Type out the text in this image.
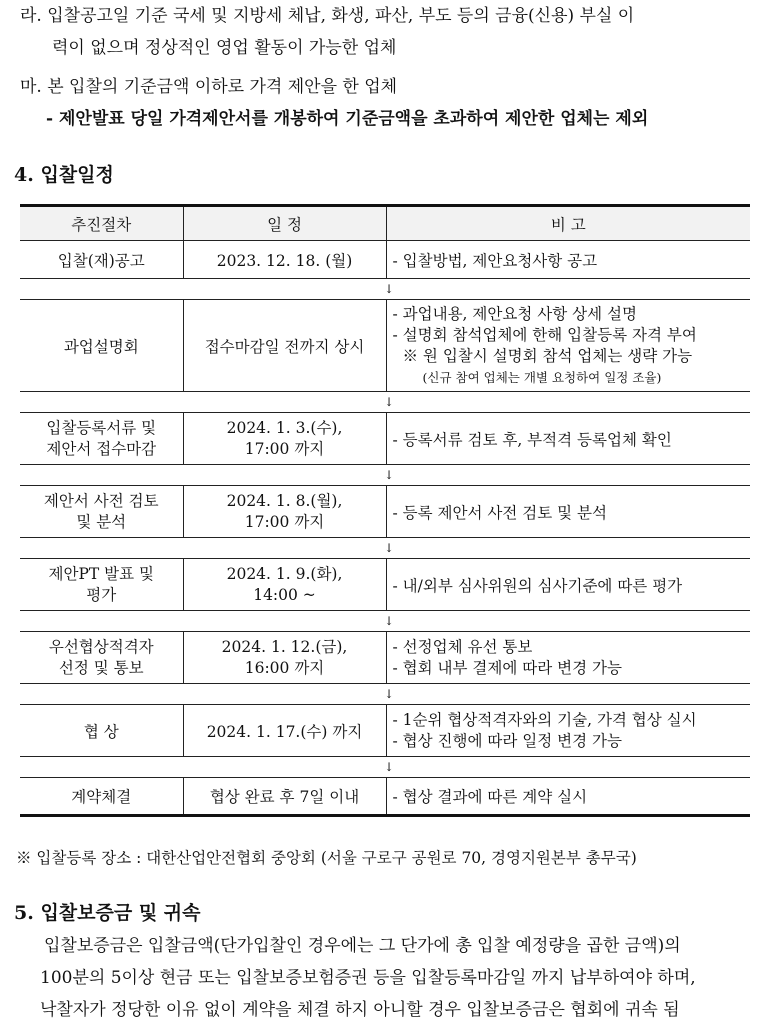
라. 입찰공고일 기준 국세 및 지방세 체납, 화생, 파산, 부도 등의 금융(신용) 부실 이
력이 없으며 정상적인 영업 활동이 가능한 업체
마. 본 입찰의 기준금액 이하로 가격 제안을 한 업체
- 제안발표 당일 가격제안서를 개봉하여 기준금액을 초과하여 제안한 업체는 제외
4. 입찰일정
추진절차	일 정	비 고
입찰(재)공고	2023. 12. 18. (월)	- 입찰방법, 제안요청사항 공고
		↓
과업설명회	접수마감일 전까지 상시	- 과업내용, 제안요청 사항 상세 설명
- 설명회 참석업체에 한해 입찰등록 자격 부여
※ 원 입찰시 설명회 참석 업체는 생략 가능
(신규 참여 업체는 개별 요청하여 일정 조율)

		↓

입찰등록서류 및
제안서 접수마감	2024. 1. 3.(수),
17:00 까지	- 등록서류 검토 후, 부적격 등록업체 확인
		↓

제안서 사전 검토
및 분석	2024. 1. 8.(월),
17:00 까지	- 등록 제안서 사전 검토 및 분석
		↓

제안PT 발표 및
평가	2024. 1. 9.(화),
14:00 ~	- 내/외부 심사위원의 심사기준에 따른 평가
		↓

우선협상적격자
선정 및 통보	2024. 1. 12.(금),
16:00 까지	- 선정업체 유선 통보
- 협회 내부 결제에 따라 변경 가능

		↓
협 상	2024. 1. 17.(수) 까지	- 1순위 협상적격자와의 기술, 가격 협상 실시
- 협상 진행에 따라 일정 변경 가능

		↓
계약체결	협상 완료 후 7일 이내	- 협상 결과에 따른 계약 실시
※ 입찰등록 장소 : 대한산업안전협회 중앙회 (서울 구로구 공원로 70, 경영지원본부 총무국)
5. 입찰보증금 및 귀속
입찰보증금은 입찰금액(단가입찰인 경우에는 그 단가에 총 입찰 예정량을 곱한 금액)의
100분의 5이상 현금 또는 입찰보증보험증권 등을 입찰등록마감일 까지 납부하여야 하며,
낙찰자가 정당한 이유 없이 계약을 체결 하지 아니할 경우 입찰보증금은 협회에 귀속 됨
